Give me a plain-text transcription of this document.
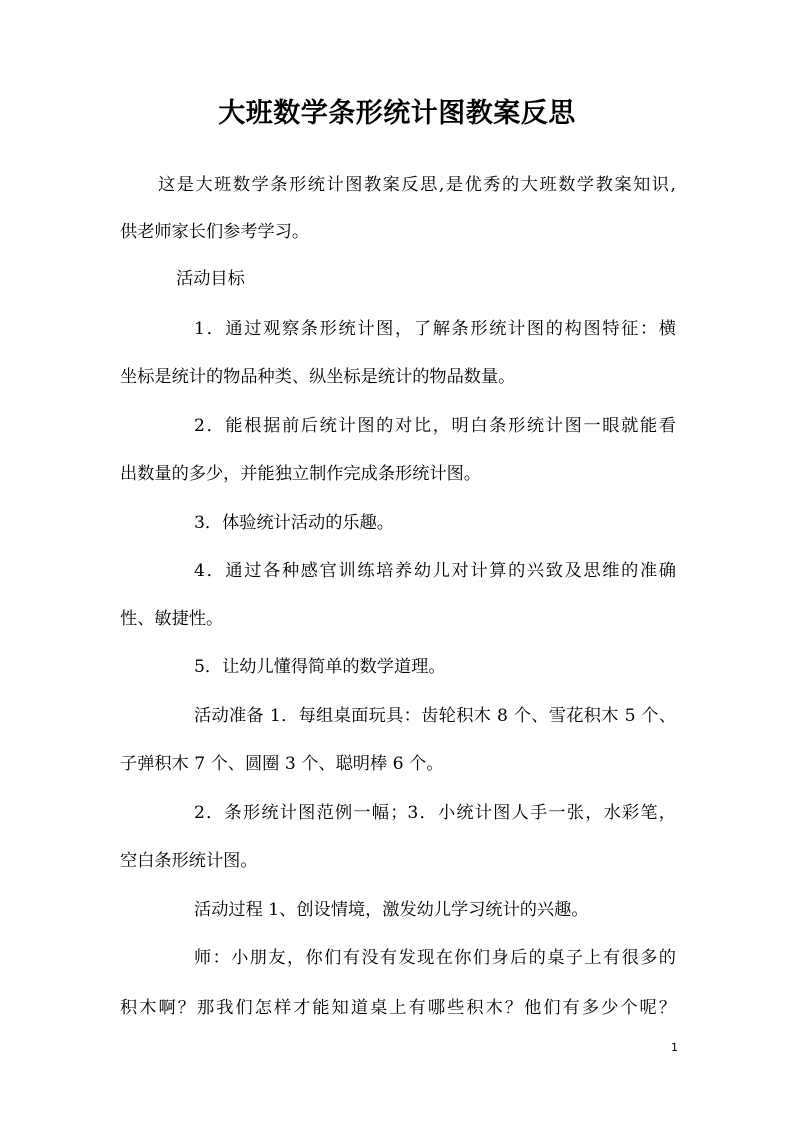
大班数学条形统计图教案反思
这是大班数学条形统计图教案反思,是优秀的大班数学教案知识,
供老师家长们参考学习。
活动目标
1．通过观察条形统计图，了解条形统计图的构图特征：横
坐标是统计的物品种类、纵坐标是统计的物品数量。
2．能根据前后统计图的对比，明白条形统计图一眼就能看
出数量的多少，并能独立制作完成条形统计图。
3．体验统计活动的乐趣。
4．通过各种感官训练培养幼儿对计算的兴致及思维的准确
性、敏捷性。
5．让幼儿懂得简单的数学道理。
活动准备 1．每组桌面玩具：齿轮积木 8 个、雪花积木 5 个、
子弹积木 7 个、圆圈 3 个、聪明棒 6 个。
2．条形统计图范例一幅；3．小统计图人手一张，水彩笔，
空白条形统计图。
活动过程 1、创设情境，激发幼儿学习统计的兴趣。
师：小朋友，你们有没有发现在你们身后的桌子上有很多的
积木啊？那我们怎样才能知道桌上有哪些积木？他们有多少个呢？
1
